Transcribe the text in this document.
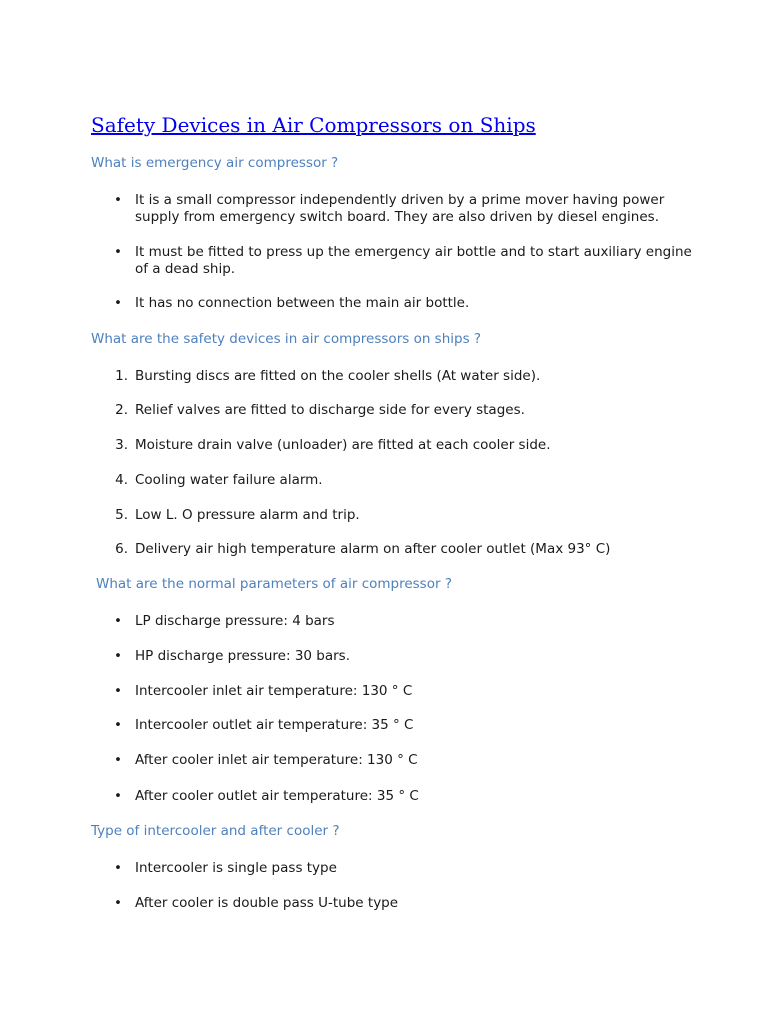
Safety Devices in Air Compressors on Ships
What is emergency air compressor ?
• It is a small compressor independently driven by a prime mover having power supply from emergency switch board. They are also driven by diesel engines.
• It must be fitted to press up the emergency air bottle and to start auxiliary engine of a dead ship.
• It has no connection between the main air bottle.
What are the safety devices in air compressors on ships ?
1. Bursting discs are fitted on the cooler shells (At water side).
2. Relief valves are fitted to discharge side for every stages.
3. Moisture drain valve (unloader) are fitted at each cooler side.
4. Cooling water failure alarm.
5. Low L. O pressure alarm and trip.
6. Delivery air high temperature alarm on after cooler outlet (Max 93° C)
What are the normal parameters of air compressor ?
• LP discharge pressure: 4 bars
• HP discharge pressure: 30 bars.
• Intercooler inlet air temperature: 130 ° C
• Intercooler outlet air temperature: 35 ° C
• After cooler inlet air temperature: 130 ° C
• After cooler outlet air temperature: 35 ° C
Type of intercooler and after cooler ?
• Intercooler is single pass type
• After cooler is double pass U-tube type
